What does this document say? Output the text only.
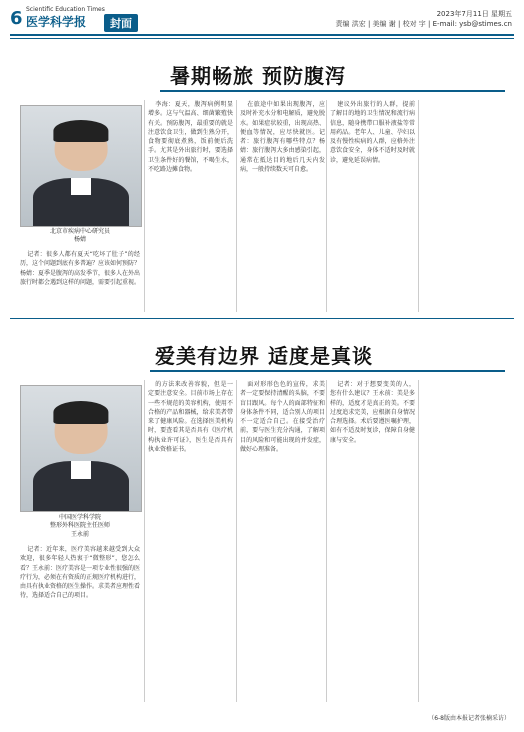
6 Scientific Education Times
医学科学报	封面
2023年7月11日 星期五
责编 洪宏 | 美编 谢 | 校对 宇 | E-mail: ysb@stimes.cn
暑期畅旅 预防腹泻
北京市疾病中心研究员
杨婧

记者：很多人都有夏天“吃坏了肚子”的经历，这个问题到底有多普遍？应该如何预防？杨婧：夏季是腹泻的高发季节，很多人在外出旅行时都会遇到这样的问题，需要引起重视。

李海：夏天，腹泻病例明显增多。这与气温高、细菌繁殖快有关。预防腹泻，最重要的就是注意饮食卫生，做到生熟分开，食物要彻底煮熟，饭前便后洗手。尤其是外出旅行时，要选择卫生条件好的餐馆，不喝生水，不吃路边摊食物。

在旅途中如果出现腹泻，应及时补充水分和电解质，避免脱水。如果症状较重，出现高热、便血等情况，应尽快就医。记者：旅行腹泻有哪些特点？杨婧：旅行腹泻大多由感染引起，通常在抵达目的地后几天内发病，一般持续数天可自愈。

建议外出旅行的人群，提前了解目的地的卫生情况和流行病信息，随身携带口服补液盐等常用药品。老年人、儿童、孕妇以及有慢性疾病的人群，应格外注意饮食安全，身体不适时及时就诊，避免延误病情。

爱美有边界 适度是真谈
中国医学科学院
整形外科医院主任医师
王永前

记者：近年来，医疗美容越来越受到大众欢迎，很多年轻人热衷于“微整形”，您怎么看？王永前：医疗美容是一项专业性很强的医疗行为，必须在有资质的正规医疗机构进行，由具有执业资格的医生操作。求美者应理性看待，选择适合自己的项目。

的方法来改善容貌，但是一定要注意安全。目前市场上存在一些不规范的美容机构，使用不合格的产品和器械，给求美者带来了健康风险。在选择医美机构时，要查看其是否具有《医疗机构执业许可证》，医生是否具有执业资格证书。

面对形形色色的宣传，求美者一定要保持清醒的头脑，不要盲目跟风。每个人的面部特征和身体条件不同，适合别人的项目不一定适合自己。在接受治疗前，要与医生充分沟通，了解项目的风险和可能出现的并发症，做好心理准备。

记者：对于想要变美的人，您有什么建议？王永前：美是多样的，适度才是真正的美。不要过度追求完美，应根据自身情况合理选择。术后要遵医嘱护理，如有不适及时复诊，保障自身健康与安全。

（6-8版由本报记者张楠采访）
